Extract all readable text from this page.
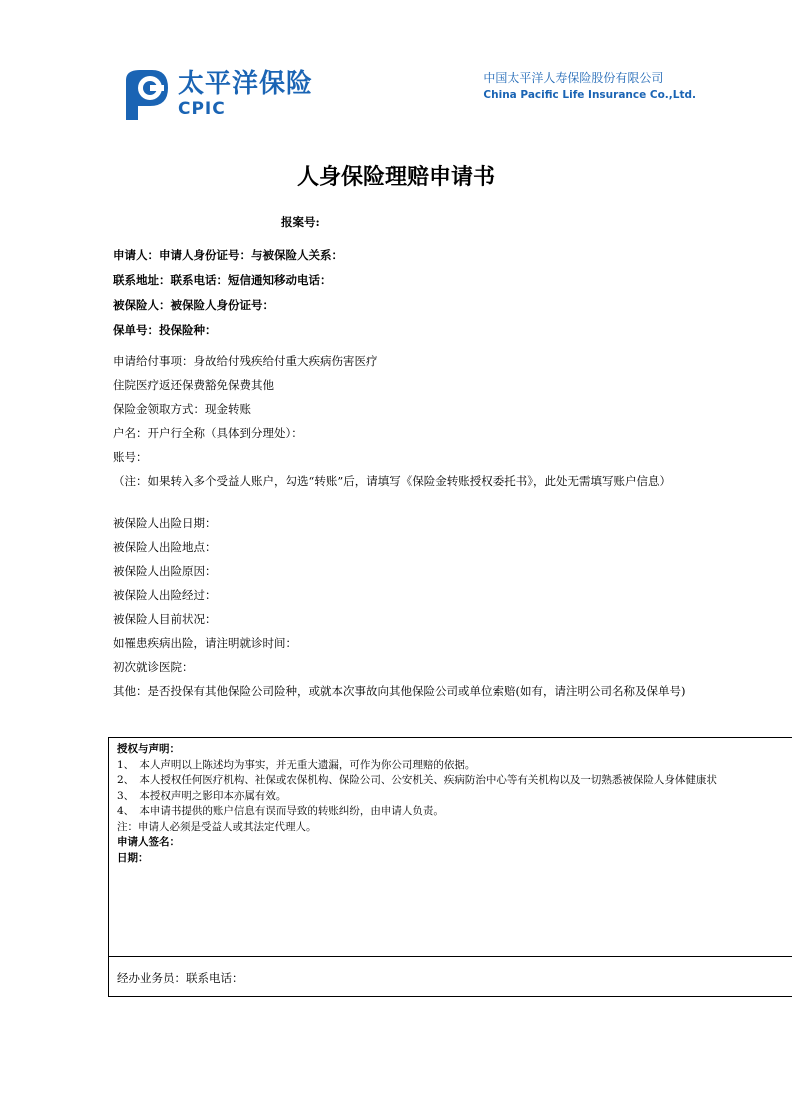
太平洋保险
CPIC
中国太平洋人寿保险股份有限公司
China Pacific Life Insurance Co.,Ltd.
人身保险理赔申请书
报案号:
申请人：申请人身份证号：与被保险人关系：
联系地址：联系电话：短信通知移动电话：
被保险人：被保险人身份证号：
保单号：投保险种：
申请给付事项：身故给付残疾给付重大疾病伤害医疗
住院医疗返还保费豁免保费其他
保险金领取方式：现金转账
户名：开户行全称（具体到分理处）：
账号：
（注：如果转入多个受益人账户，勾选“转账”后，请填写《保险金转账授权委托书》，此处无需填写账户信息）
被保险人出险日期：
被保险人出险地点：
被保险人出险原因：
被保险人出险经过：
被保险人目前状况：
如罹患疾病出险，请注明就诊时间：
初次就诊医院：
其他：是否投保有其他保险公司险种，或就本次事故向其他保险公司或单位索赔(如有，请注明公司名称及保单号)
授权与声明：
1、　本人声明以上陈述均为事实，并无重大遗漏，可作为你公司理赔的依据。
2、　本人授权任何医疗机构、社保或农保机构、保险公司、公安机关、疾病防治中心等有关机构以及一切熟悉被保险人身体健康状
3、　本授权声明之影印本亦属有效。
4、　本申请书提供的账户信息有误而导致的转账纠纷，由申请人负责。
注：申请人必须是受益人或其法定代理人。
申请人签名：
日期：
经办业务员：联系电话：
